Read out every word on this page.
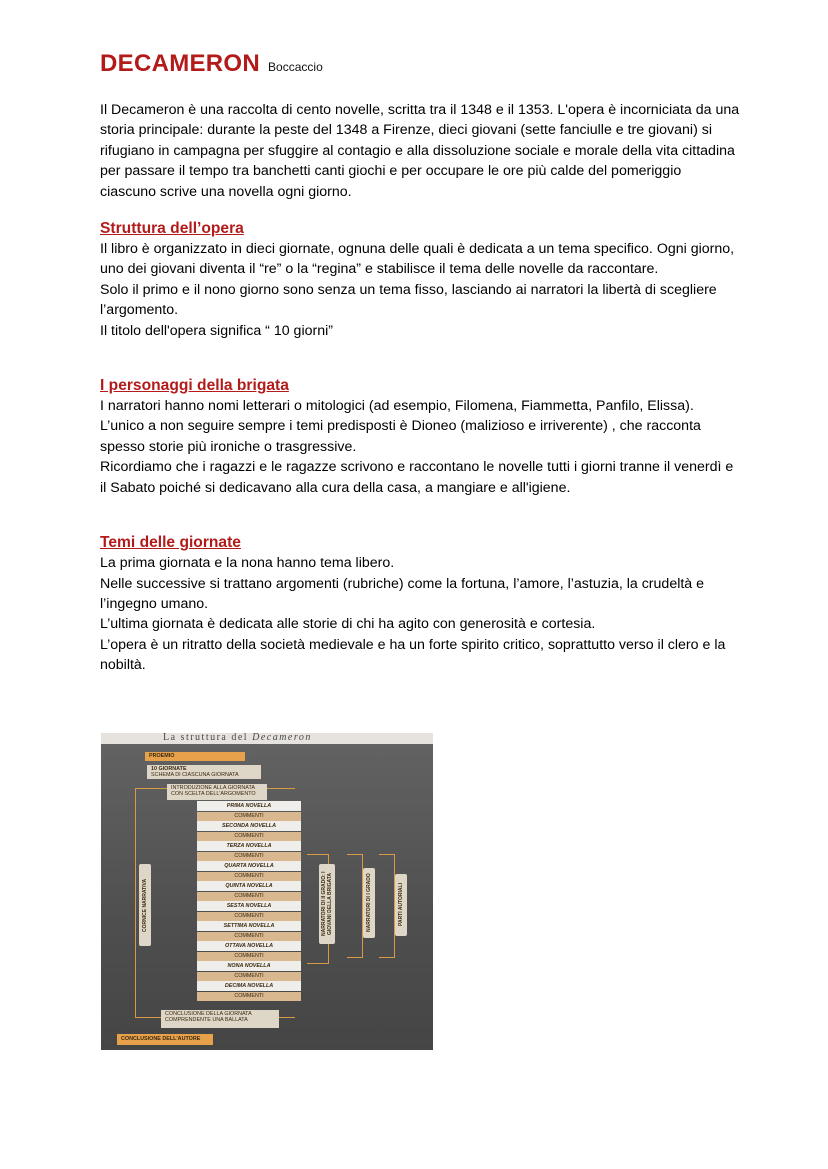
DECAMERON Boccaccio

Il Decameron è una raccolta di cento novelle, scritta tra il 1348 e il 1353. L'opera è incorniciata da una storia principale: durante la peste del 1348 a Firenze, dieci giovani (sette fanciulle e tre giovani) si rifugiano in campagna per sfuggire al contagio e alla dissoluzione sociale e morale della vita cittadina per passare il tempo tra banchetti canti giochi e per occupare le ore più calde del pomeriggio ciascuno scrive una novella ogni giorno.

Struttura dell’opera

Il libro è organizzato in dieci giornate, ognuna delle quali è dedicata a un tema specifico. Ogni giorno, uno dei giovani diventa il “re” o la “regina” e stabilisce il tema delle novelle da raccontare.

Solo il primo e il nono giorno sono senza un tema fisso, lasciando ai narratori la libertà di scegliere l’argomento.

Il titolo dell'opera significa “ 10 giorni”

I personaggi della brigata

I narratori hanno nomi letterari o mitologici (ad esempio, Filomena, Fiammetta, Panfilo, Elissa).

L’unico a non seguire sempre i temi predisposti è Dioneo (malizioso e irriverente) , che racconta spesso storie più ironiche o trasgressive.

Ricordiamo che i ragazzi e le ragazze scrivono e raccontano le novelle tutti i giorni tranne il venerdì e il Sabato poiché si dedicavano alla cura della casa, a mangiare e all'igiene.

Temi delle giornate

La prima giornata e la nona hanno tema libero.

Nelle successive si trattano argomenti (rubriche) come la fortuna, l’amore, l’astuzia, la crudeltà e l’ingegno umano.

L’ultima giornata è dedicata alle storie di chi ha agito con generosità e cortesia.

L’opera è un ritratto della società medievale e ha un forte spirito critico, soprattutto verso il clero e la nobiltà.

La struttura del Decameron
PROEMIO
10 GIORNATE
SCHEMA DI CIASCUNA GIORNATA
INTRODUZIONE ALLA GIORNATA CON SCELTA DELL'ARGOMENTO
CORNICE NARRATIVA
PRIMA NOVELLA
COMMENTI
SECONDA NOVELLA
COMMENTI
TERZA NOVELLA
COMMENTI
QUARTA NOVELLA
COMMENTI
QUINTA NOVELLA
COMMENTI
SESTA NOVELLA
COMMENTI
SETTIMA NOVELLA
COMMENTI
OTTAVA NOVELLA
COMMENTI
NONA NOVELLA
COMMENTI
DECIMA NOVELLA
COMMENTI
NARRATORI DI II GRADO: I GIOVANI DELLA BRIGATA	NARRATORI DI I GRADO	PARTI AUTORIALI
CONCLUSIONE DELLA GIORNATA COMPRENDENTE UNA BALLATA
CONCLUSIONE DELL'AUTORE
